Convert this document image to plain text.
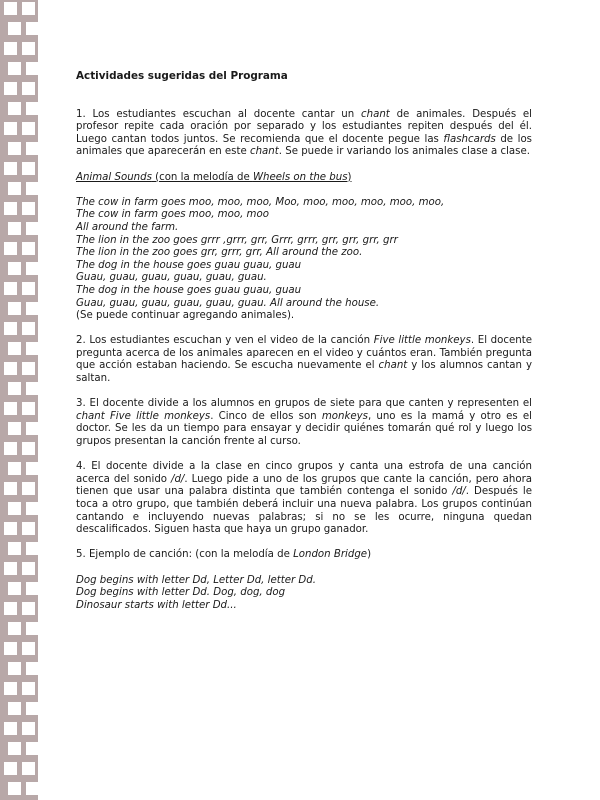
Actividades sugeridas del Programa

1. Los estudiantes escuchan al docente cantar un chant de animales. Después el profesor repite cada oración por separado y los estudiantes repiten después del él. Luego cantan todos juntos. Se recomienda que el docente pegue las flashcards de los animales que aparecerán en este chant. Se puede ir variando los animales clase a clase.

Animal Sounds (con la melodía de Wheels on the bus)
The cow in farm goes moo, moo, moo, Moo, moo, moo, moo, moo, moo,
The cow in farm goes moo, moo, moo
All around the farm.
The lion in the zoo goes grrr ,grrr, grr, Grrr, grrr, grr, grr, grr, grr
The lion in the zoo goes grr, grrr, grr, All around the zoo.
The dog in the house goes guau guau, guau
Guau, guau, guau, guau, guau, guau.
The dog in the house goes guau guau, guau
Guau, guau, guau, guau, guau, guau. All around the house.
(Se puede continuar agregando animales).

2. Los estudiantes escuchan y ven el video de la canción Five little monkeys. El docente pregunta acerca de los animales aparecen en el video y cuántos eran. También pregunta que acción estaban haciendo. Se escucha nuevamente el chant y los alumnos cantan y saltan.

3. El docente divide a los alumnos en grupos de siete para que canten y representen el chant Five little monkeys. Cinco de ellos son monkeys, uno es la mamá y otro es el doctor. Se les da un tiempo para ensayar y decidir quiénes tomarán qué rol y luego los grupos presentan la canción frente al curso.

4. El docente divide a la clase en cinco grupos y canta una estrofa de una canción acerca del sonido /d/. Luego pide a uno de los grupos que cante la canción, pero ahora tienen que usar una palabra distinta que también contenga el sonido /d/. Después le toca a otro grupo, que también deberá incluir una nueva palabra. Los grupos continúan cantando e incluyendo nuevas palabras; si no se les ocurre, ninguna quedan descalificados. Siguen hasta que haya un grupo ganador.

5. Ejemplo de canción: (con la melodía de London Bridge)

Dog begins with letter Dd, Letter Dd, letter Dd.
Dog begins with letter Dd. Dog, dog, dog
Dinosaur starts with letter Dd...
